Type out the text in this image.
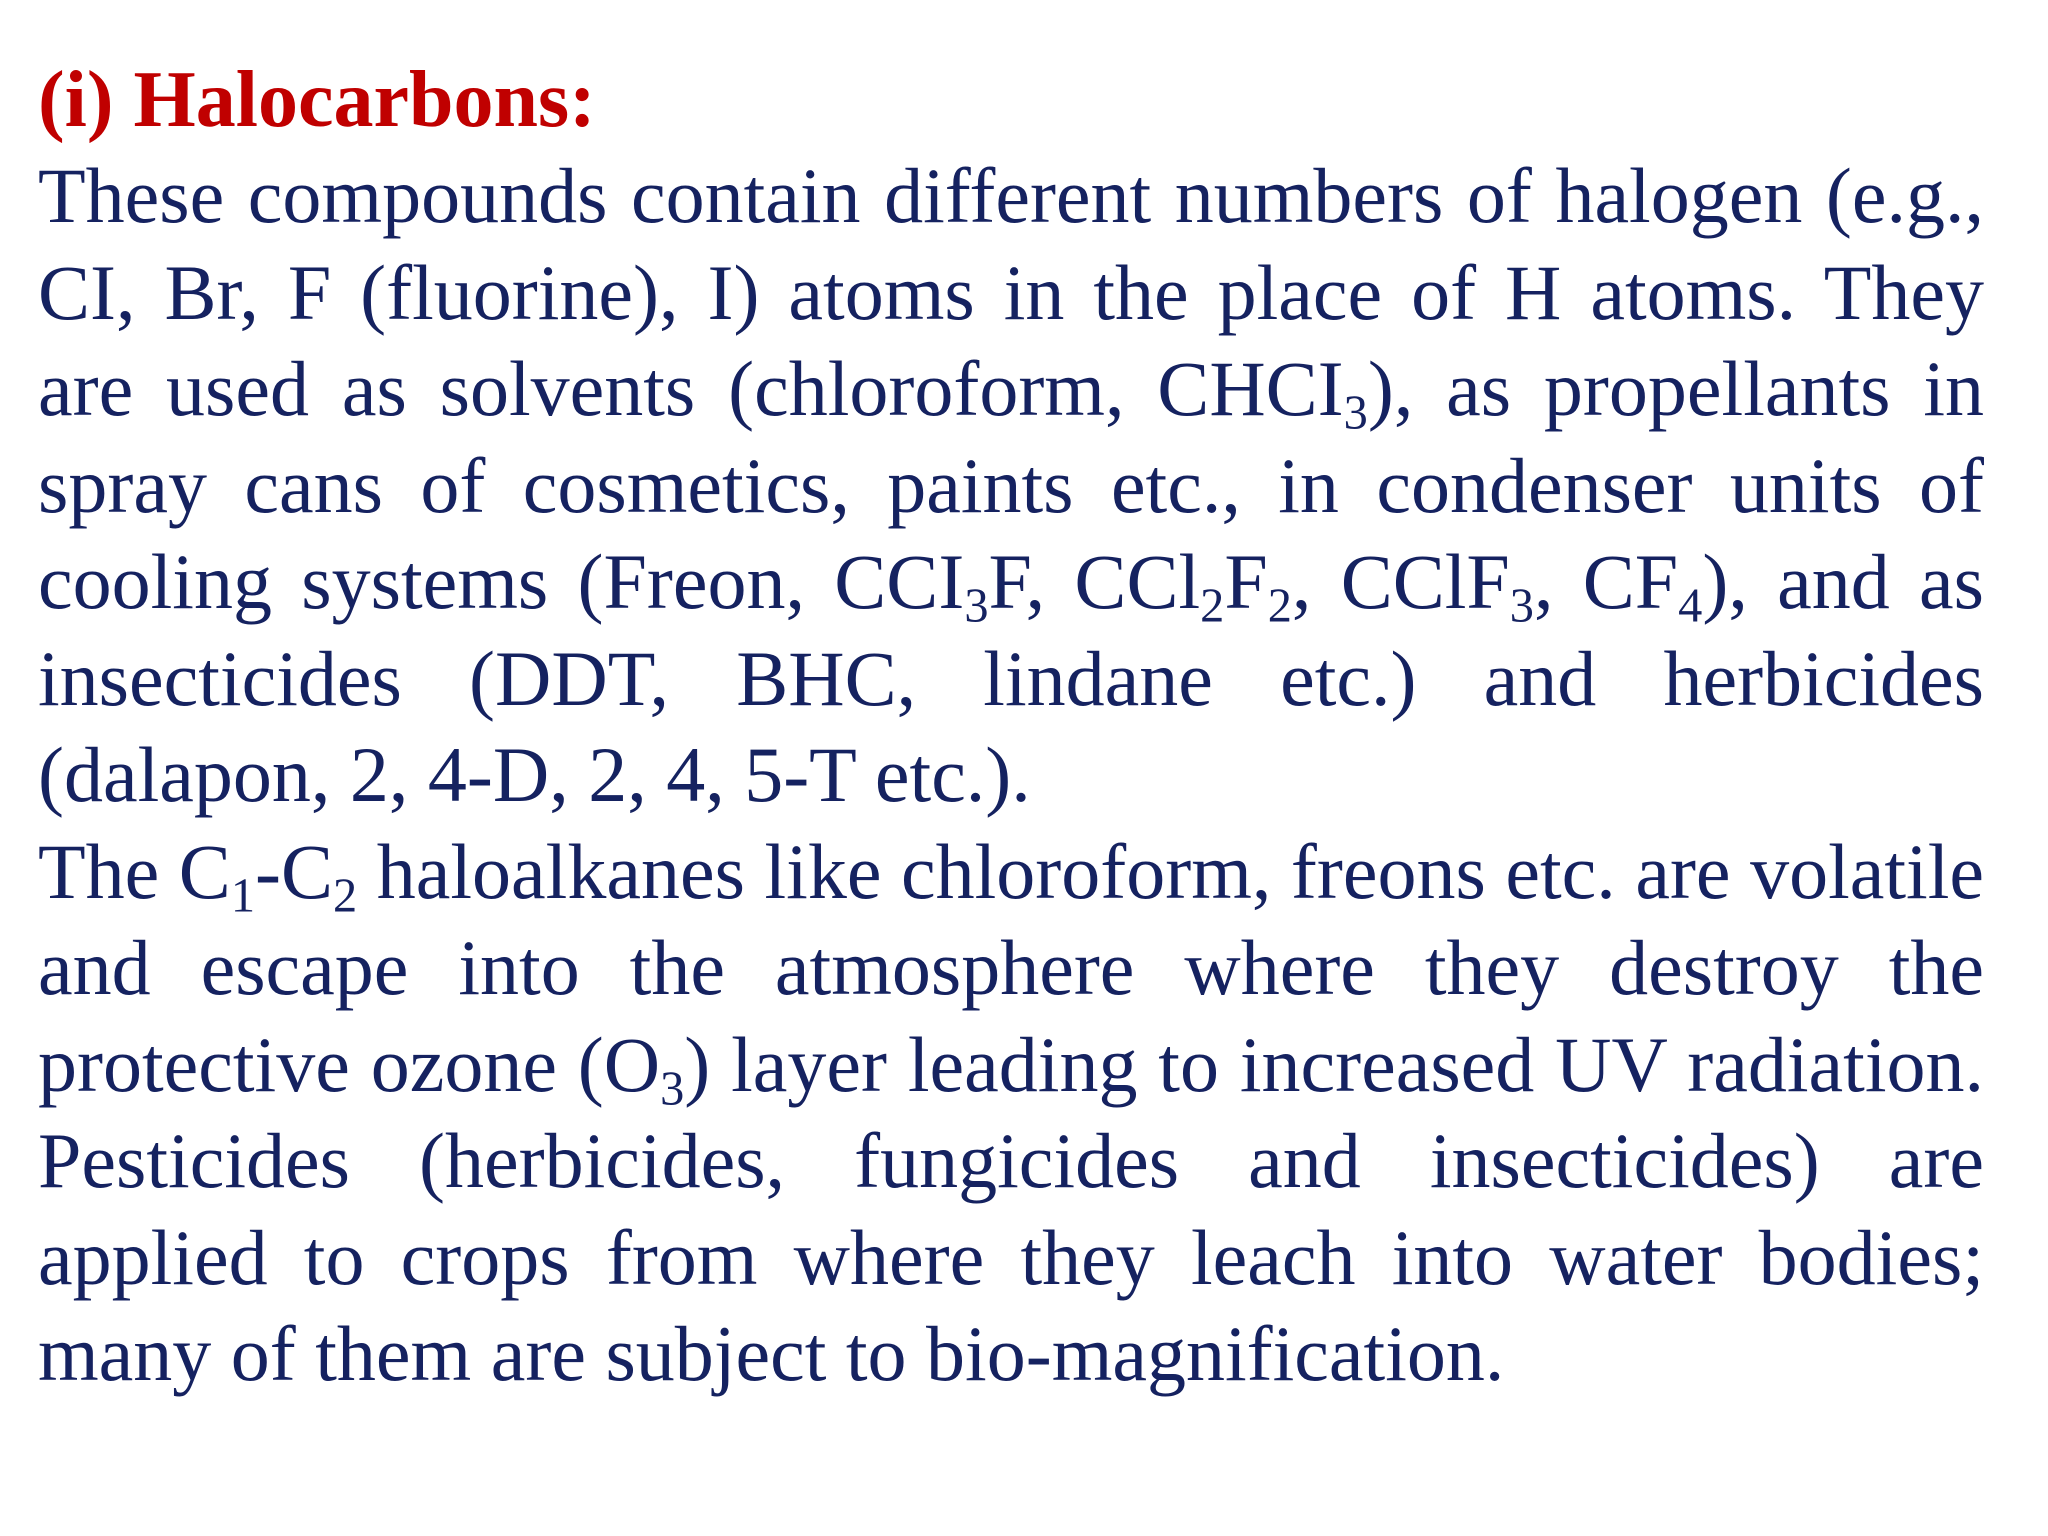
(i) Halocarbons:

These compounds contain different numbers of halogen (e.g., CI, Br, F (fluorine), I) atoms in the place of H atoms. They are used as solvents (chloroform, $CHCI_3$), as propellants in spray cans of cosmetics, paints etc., in condenser units of cooling systems (Freon, $CCI_3F$, $CCl_2F_2$, CClF$_3$, $CF_4$), and as insecticides (DDT, BHC, lindane etc.) and herbicides (dalapon, 2, 4-D, 2, 4, 5-T etc.).

The $C_1-C_2$ haloalkanes like chloroform, freons etc. are volatile and escape into the atmosphere where they destroy the protective ozone $(O_3)$ layer leading to increased UV radiation. Pesticides (herbicides, fungicides and insecticides) are applied to crops from where they leach into water bodies; many of them are subject to bio-magnification.
